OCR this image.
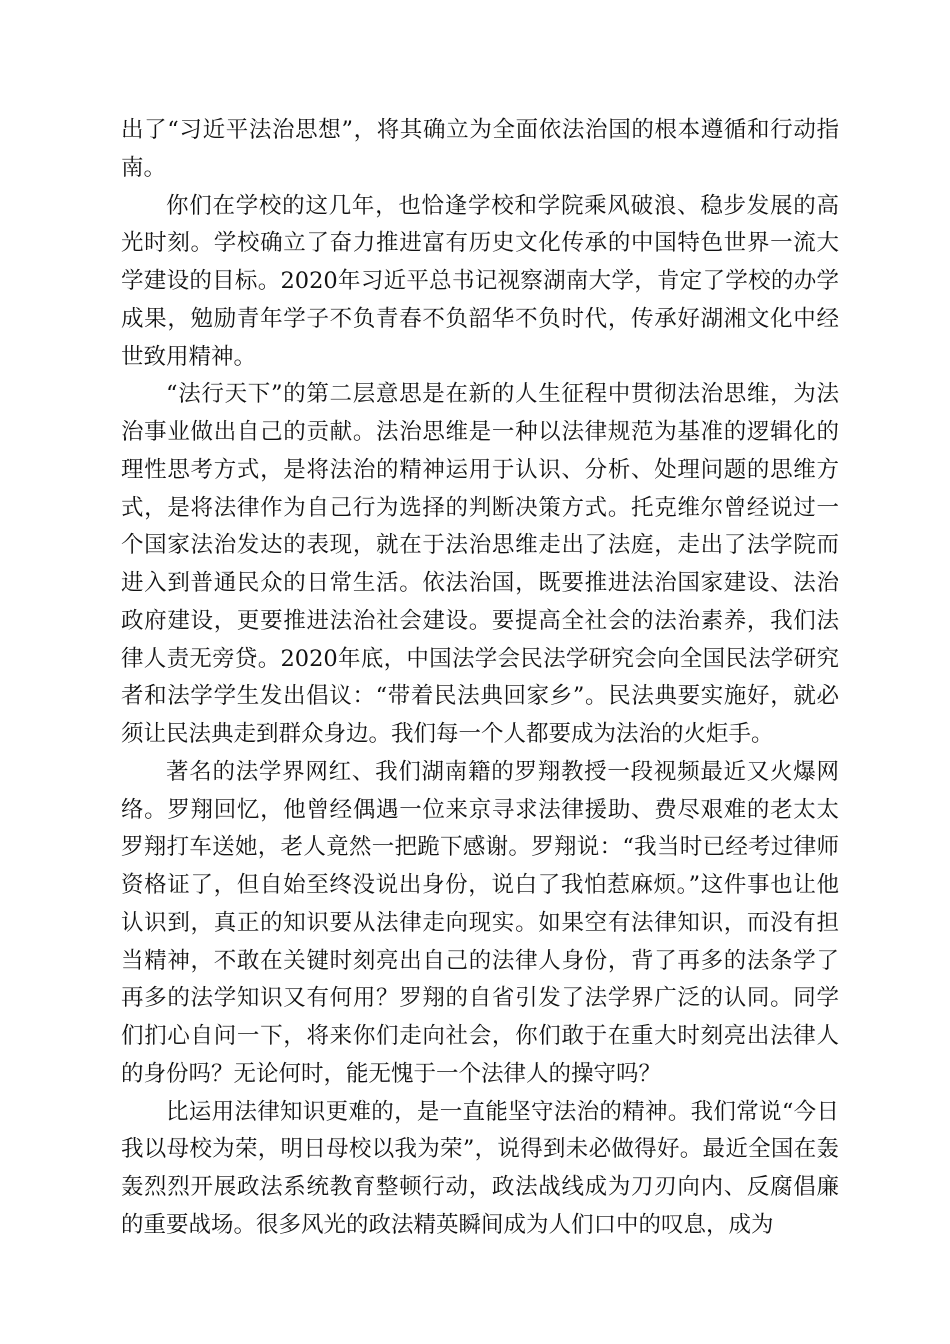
出了“习近平法治思想”，将其确立为全面依法治国的根本遵循和行动指南。

你们在学校的这几年，也恰逢学校和学院乘风破浪、稳步发展的高光时刻。学校确立了奋力推进富有历史文化传承的中国特色世界一流大学建设的目标。2020年习近平总书记视察湖南大学，肯定了学校的办学成果，勉励青年学子不负青春不负韶华不负时代，传承好湖湘文化中经世致用精神。

“法行天下”的第二层意思是在新的人生征程中贯彻法治思维，为法治事业做出自己的贡献。法治思维是一种以法律规范为基准的逻辑化的理性思考方式，是将法治的精神运用于认识、分析、处理问题的思维方式，是将法律作为自己行为选择的判断决策方式。托克维尔曾经说过一个国家法治发达的表现，就在于法治思维走出了法庭，走出了法学院而进入到普通民众的日常生活。依法治国，既要推进法治国家建设、法治政府建设，更要推进法治社会建设。要提高全社会的法治素养，我们法律人责无旁贷。2020年底，中国法学会民法学研究会向全国民法学研究者和法学学生发出倡议：“带着民法典回家乡”。民法典要实施好，就必须让民法典走到群众身边。我们每一个人都要成为法治的火炬手。

著名的法学界网红、我们湖南籍的罗翔教授一段视频最近又火爆网络。罗翔回忆，他曾经偶遇一位来京寻求法律援助、费尽艰难的老太太罗翔打车送她，老人竟然一把跪下感谢。罗翔说：“我当时已经考过律师资格证了，但自始至终没说出身份，说白了我怕惹麻烦。”这件事也让他认识到，真正的知识要从法律走向现实。如果空有法律知识，而没有担当精神，不敢在关键时刻亮出自己的法律人身份，背了再多的法条学了再多的法学知识又有何用？罗翔的自省引发了法学界广泛的认同。同学们扪心自问一下，将来你们走向社会，你们敢于在重大时刻亮出法律人的身份吗？无论何时，能无愧于一个法律人的操守吗？

比运用法律知识更难的，是一直能坚守法治的精神。我们常说“今日我以母校为荣，明日母校以我为荣”，说得到未必做得好。最近全国在轰轰烈烈开展政法系统教育整顿行动，政法战线成为刀刃向内、反腐倡廉的重要战场。很多风光的政法精英瞬间成为人们口中的叹息，成为
